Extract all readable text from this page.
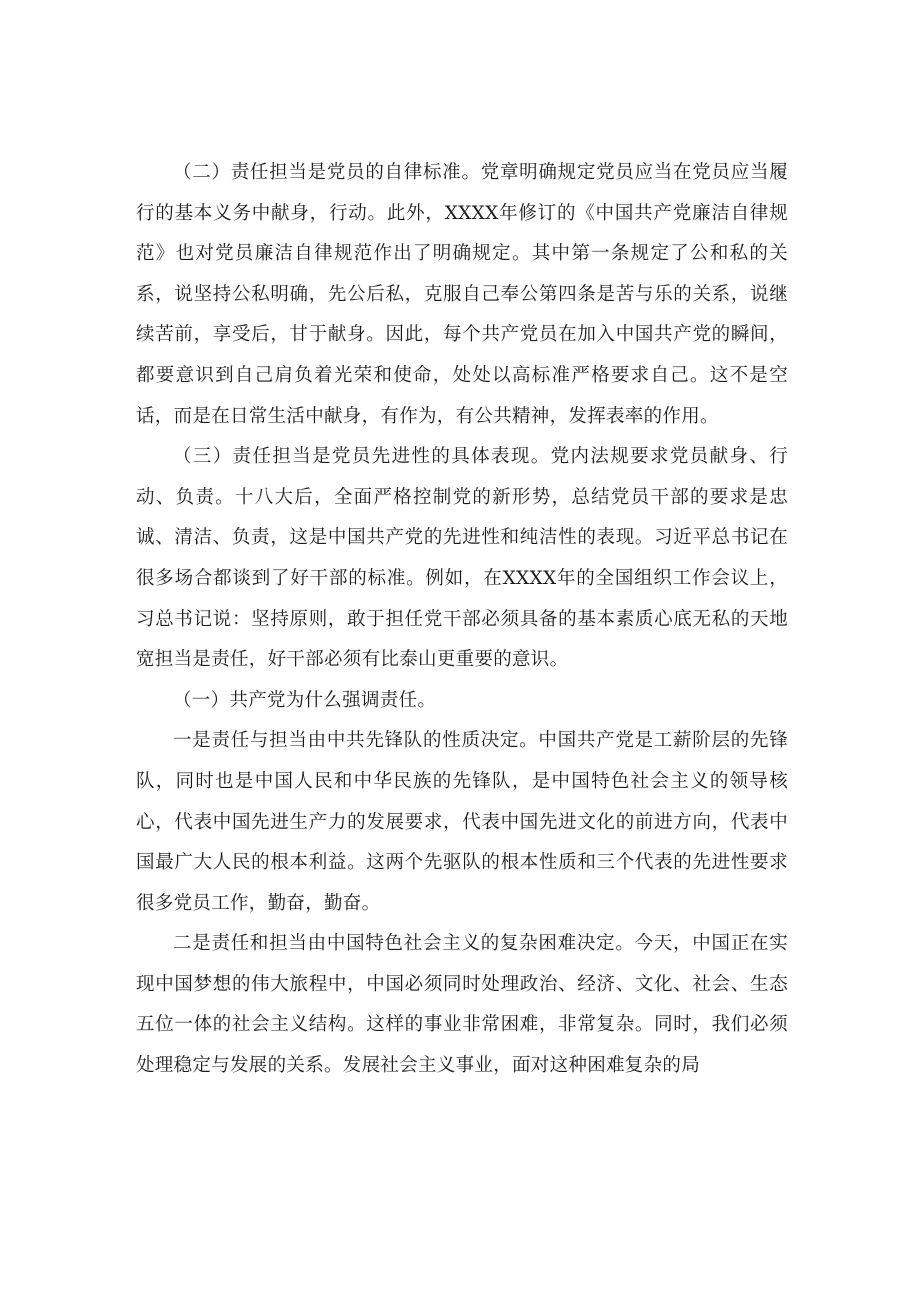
（二）责任担当是党员的自律标准。党章明确规定党员应当在党员应当履行的基本义务中献身，行动。此外，XXXX年修订的《中国共产党廉洁自律规范》也对党员廉洁自律规范作出了明确规定。其中第一条规定了公和私的关系，说坚持公私明确，先公后私，克服自己奉公第四条是苦与乐的关系，说继续苦前，享受后，甘于献身。因此，每个共产党员在加入中国共产党的瞬间，都要意识到自己肩负着光荣和使命，处处以高标准严格要求自己。这不是空话，而是在日常生活中献身，有作为，有公共精神，发挥表率的作用。

（三）责任担当是党员先进性的具体表现。党内法规要求党员献身、行动、负责。十八大后，全面严格控制党的新形势，总结党员干部的要求是忠诚、清洁、负责，这是中国共产党的先进性和纯洁性的表现。习近平总书记在很多场合都谈到了好干部的标准。例如，在XXXX年的全国组织工作会议上，习总书记说：坚持原则，敢于担任党干部必须具备的基本素质心底无私的天地宽担当是责任，好干部必须有比泰山更重要的意识。

（一）共产党为什么强调责任。

一是责任与担当由中共先锋队的性质决定。中国共产党是工薪阶层的先锋队，同时也是中国人民和中华民族的先锋队，是中国特色社会主义的领导核心，代表中国先进生产力的发展要求，代表中国先进文化的前进方向，代表中国最广大人民的根本利益。这两个先驱队的根本性质和三个代表的先进性要求很多党员工作，勤奋，勤奋。

二是责任和担当由中国特色社会主义的复杂困难决定。今天，中国正在实现中国梦想的伟大旅程中，中国必须同时处理政治、经济、文化、社会、生态五位一体的社会主义结构。这样的事业非常困难，非常复杂。同时，我们必须处理稳定与发展的关系。发展社会主义事业，面对这种困难复杂的局
